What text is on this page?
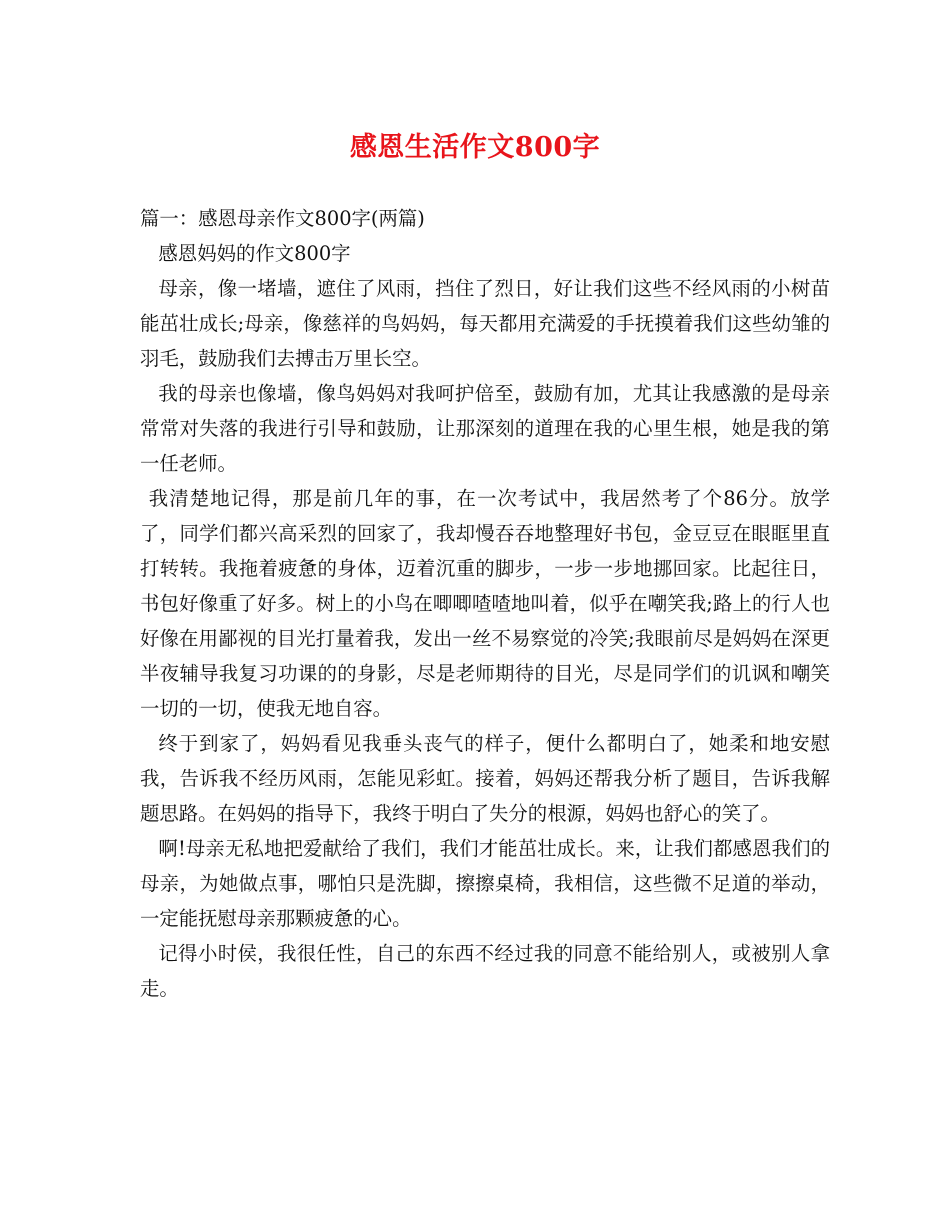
感恩生活作文800字

篇一：感恩母亲作文800字(两篇)

感恩妈妈的作文800字

母亲，像一堵墙，遮住了风雨，挡住了烈日，好让我们这些不经风雨的小树苗能茁壮成长;母亲，像慈祥的鸟妈妈，每天都用充满爱的手抚摸着我们这些幼雏的羽毛，鼓励我们去搏击万里长空。

我的母亲也像墙，像鸟妈妈对我呵护倍至，鼓励有加，尤其让我感激的是母亲常常对失落的我进行引导和鼓励，让那深刻的道理在我的心里生根，她是我的第一任老师。

我清楚地记得，那是前几年的事，在一次考试中，我居然考了个86分。放学了，同学们都兴高采烈的回家了，我却慢吞吞地整理好书包，金豆豆在眼眶里直打转转。我拖着疲惫的身体，迈着沉重的脚步，一步一步地挪回家。比起往日，书包好像重了好多。树上的小鸟在唧唧喳喳地叫着，似乎在嘲笑我;路上的行人也好像在用鄙视的目光打量着我，发出一丝不易察觉的冷笑;我眼前尽是妈妈在深更半夜辅导我复习功课的的身影，尽是老师期待的目光，尽是同学们的讥讽和嘲笑一切的一切，使我无地自容。

终于到家了，妈妈看见我垂头丧气的样子，便什么都明白了，她柔和地安慰我，告诉我不经历风雨，怎能见彩虹。接着，妈妈还帮我分析了题目，告诉我解题思路。在妈妈的指导下，我终于明白了失分的根源，妈妈也舒心的笑了。

啊!母亲无私地把爱献给了我们，我们才能茁壮成长。来，让我们都感恩我们的母亲，为她做点事，哪怕只是洗脚，擦擦桌椅，我相信，这些微不足道的举动，一定能抚慰母亲那颗疲惫的心。

记得小时侯，我很任性，自己的东西不经过我的同意不能给别人，或被别人拿走。
